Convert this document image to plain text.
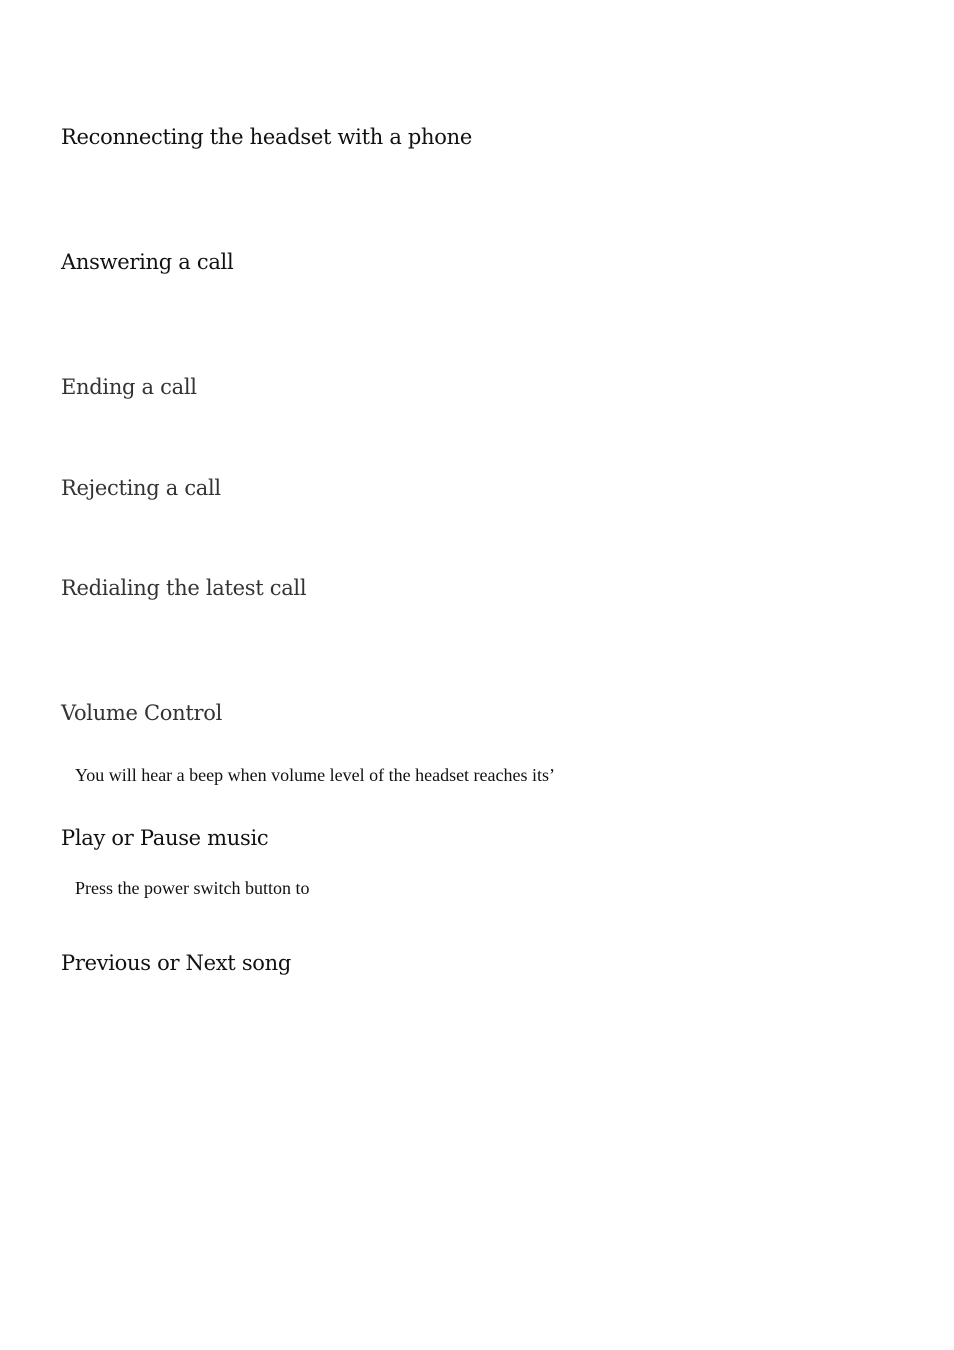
Reconnecting the headset with a phone
Answering a call
Ending a call
Rejecting a call
Redialing the latest call
Volume Control

You will hear a beep when volume level of the headset reaches its’

Play or Pause music

Press the power switch button to

Previous or Next song
